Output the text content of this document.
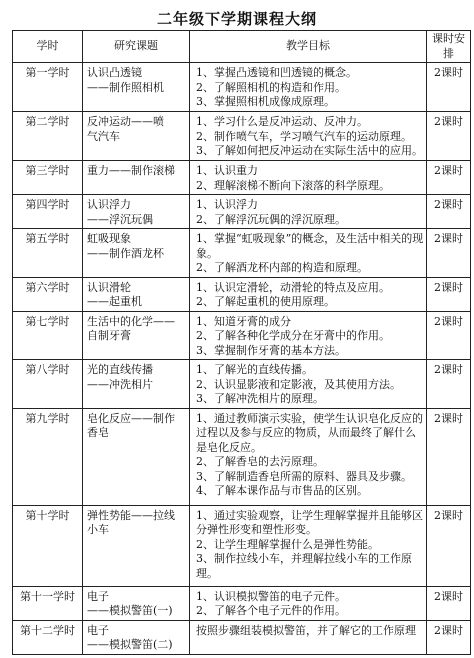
二年级下学期课程大纲
学时	研究课题	教学目标	课时安排
第一学时	认识凸透镜
——制作照相机	1、掌握凸透镜和凹透镜的概念。
2、了解照相机的构造和作用。
3、掌握照相机成像成原理。	2课时
第二学时	反冲运动——喷
气汽车	1、学习什么是反冲运动、反冲力。
2、制作喷气车，学习喷气汽车的运动原理。
3、了解如何把反冲运动在实际生活中的应用。	2课时
第三学时	重力——制作滚梯	1、认识重力
2、理解滚梯不断向下滚落的科学原理。	2课时
第四学时	认识浮力
——浮沉玩偶	1、认识浮力
2、了解浮沉玩偶的浮沉原理。	2课时
第五学时	虹吸现象
——制作酒龙杯	1、掌握“虹吸现象”的概念，及生活中相关的现象。
2、了解酒龙杯内部的构造和原理。	2课时
第六学时	认识滑轮
——起重机	1、认识定滑轮，动滑轮的特点及应用。
2、了解起重机的使用原理。	2课时
第七学时	生活中的化学——
自制牙膏	1、知道牙膏的成分
2、了解各种化学成分在牙膏中的作用。
3、掌握制作牙膏的基本方法。	2课时
第八学时	光的直线传播
——冲洗相片	1、了解光的直线传播。
2、认识显影液和定影液，及其使用方法。
3、了解冲洗相片的原理。	2课时
第九学时	皂化反应——制作
香皂	1、通过教师演示实验，使学生认识皂化反应的过程以及参与反应的物质，从而最终了解什么是皂化反应。
2、了解香皂的去污原理。
3、了解制造香皂所需的原料、器具及步骤。
4、了解本课作品与市售品的区别。	2课时
第十学时	弹性势能——拉线
小车	1、通过实验观察，让学生理解掌握并且能够区分弹性形变和塑性形变。
2、让学生理解掌握什么是弹性势能。
3、制作拉线小车，并理解拉线小车的工作原理。	2课时
第十一学时	电子
——模拟警笛(一)	1、认识模拟警笛的电子元件。
2、了解各个电子元件的作用。	2课时
第十二学时	电子
——模拟警笛(二)	按照步骤组装模拟警笛，并了解它的工作原理	2课时
